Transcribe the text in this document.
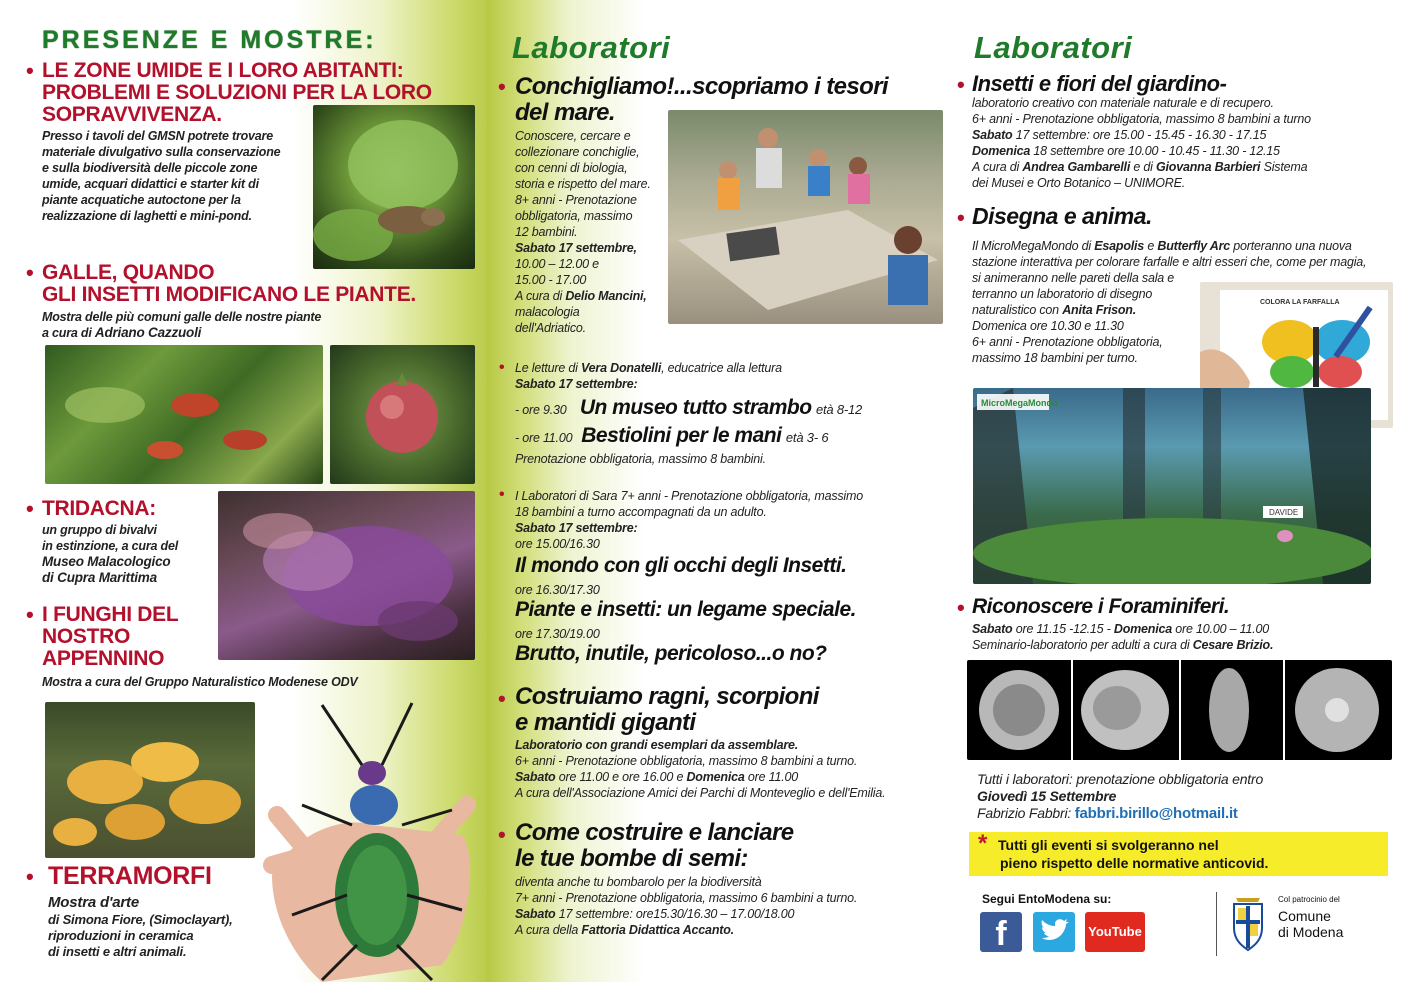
PRESENZE E MOSTRE:
• LE ZONE UMIDE E I LORO ABITANTI:
PROBLEMI E SOLUZIONI PER LA LORO
SOPRAVVIVENZA.
Presso i tavoli del GMSN potrete trovare
materiale divulgativo sulla conservazione
e sulla biodiversità delle piccole zone
umide, acquari didattici e starter kit di
piante acquatiche autoctone per la
realizzazione di laghetti e mini-pond.
• GALLE, QUANDO
GLI INSETTI MODIFICANO LE PIANTE.
Mostra delle più comuni galle delle nostre piante
a cura di Adriano Cazzuoli
• TRIDACNA:
un gruppo di bivalvi
in estinzione, a cura del
Museo Malacologico
di Cupra Marittima
• I FUNGHI DEL
NOSTRO
APPENNINO
Mostra a cura del Gruppo Naturalistico Modenese ODV
• TERRAMORFI
Mostra d'arte
di Simona Fiore, (Simoclayart),
riproduzioni in ceramica
di insetti e altri animali.
Laboratori
• Conchigliamo!...scopriamo i tesori
del mare.
Conoscere, cercare e
collezionare conchiglie,
con cenni di biologia,
storia e rispetto del mare.
8+ anni - Prenotazione
obbligatoria, massimo
12 bambini.
Sabato 17 settembre,
10.00 – 12.00 e
15.00 - 17.00
A cura di Delio Mancini,
malacologia
dell'Adriatico.
• Le letture di Vera Donatelli, educatrice alla lettura
Sabato 17 settembre:
- ore 9.30 Un museo tutto strambo età 8-12
- ore 11.00 Bestiolini per le mani età 3- 6
Prenotazione obbligatoria, massimo 8 bambini.
• I Laboratori di Sara 7+ anni - Prenotazione obbligatoria, massimo
18 bambini a turno accompagnati da un adulto.
Sabato 17 settembre:
ore 15.00/16.30
Il mondo con gli occhi degli Insetti.
ore 16.30/17.30
Piante e insetti: un legame speciale.
ore 17.30/19.00
Brutto, inutile, pericoloso...o no?
• Costruiamo ragni, scorpioni
e mantidi giganti
Laboratorio con grandi esemplari da assemblare.
6+ anni - Prenotazione obbligatoria, massimo 8 bambini a turno.
Sabato ore 11.00 e ore 16.00 e Domenica ore 11.00
A cura dell'Associazione Amici dei Parchi di Monteveglio e dell'Emilia.
• Come costruire e lanciare
le tue bombe di semi:
diventa anche tu bombarolo per la biodiversità
7+ anni - Prenotazione obbligatoria, massimo 6 bambini a turno.
Sabato 17 settembre: ore15.30/16.30 – 17.00/18.00
A cura della Fattoria Didattica Accanto.
Laboratori
• Insetti e fiori del giardino-
laboratorio creativo con materiale naturale e di recupero.
6+ anni - Prenotazione obbligatoria, massimo 8 bambini a turno
Sabato 17 settembre: ore 15.00 - 15.45 - 16.30 - 17.15
Domenica 18 settembre ore 10.00 - 10.45 - 11.30 - 12.15
A cura di Andrea Gambarelli e di Giovanna Barbieri Sistema
dei Musei e Orto Botanico – UNIMORE.
• Disegna e anima.
Il MicroMegaMondo di Esapolis e Butterfly Arc porteranno una nuova
stazione interattiva per colorare farfalle e altri esseri che, come per magia,
si animeranno nelle pareti della sala e
terranno un laboratorio di disegno
naturalistico con Anita Frison.
Domenica ore 10.30 e 11.30
6+ anni - Prenotazione obbligatoria,
massimo 18 bambini per turno.
COLORA LA FARFALLA
MicroMegaMondo
DAVIDE
• Riconoscere i Foraminiferi.
Sabato ore 11.15 -12.15 - Domenica ore 10.00 – 11.00
Seminario-laboratorio per adulti a cura di Cesare Brizio.
Tutti i laboratori: prenotazione obbligatoria entro
Giovedì 15 Settembre
Fabrizio Fabbri: fabbri.birillo@hotmail.it
* Tutti gli eventi si svolgeranno nel
pieno rispetto delle normative anticovid.
Segui EntoModena su:
f	YouTube
Col patrocinio del
Comune
di Modena
